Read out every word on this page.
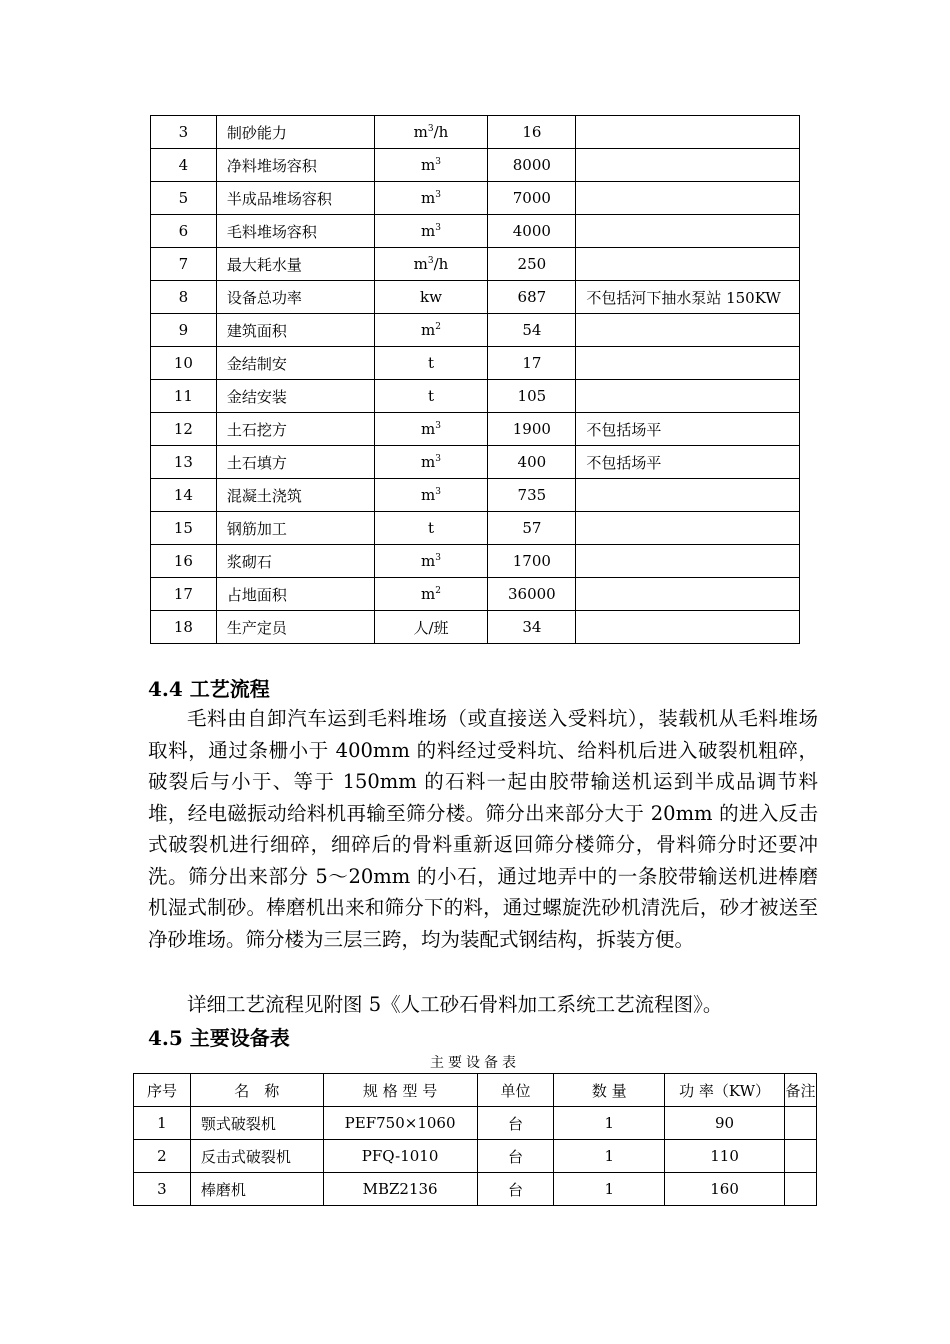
3	制砂能力	$m^3/h$	16	
4	净料堆场容积	$m^3$	8000	
5	半成品堆场容积	$m^3$	7000	
6	毛料堆场容积	$m^3$	4000	
7	最大耗水量	$m^3/h$	250	
8	设备总功率	kw	687	不包括河下抽水泵站 150KW
9	建筑面积	$m^2$	54	
10	金结制安	t	17	
11	金结安装	t	105	
12	土石挖方	$m^3$	1900	不包括场平
13	土石填方	$m^3$	400	不包括场平
14	混凝土浇筑	$m^3$	735	
15	钢筋加工	t	57	
16	浆砌石	$m^3$	1700	
17	占地面积	$m^2$	36000	
18	生产定员	人/班	34	
4.4 工艺流程

毛料由自卸汽车运到毛料堆场（或直接送入受料坑），装载机从毛料堆场取料，通过条栅小于 400mm 的料经过受料坑、给料机后进入破裂机粗碎，破裂后与小于、等于 150mm 的石料一起由胶带输送机运到半成品调节料堆，经电磁振动给料机再输至筛分楼。筛分出来部分大于 20mm 的进入反击式破裂机进行细碎，细碎后的骨料重新返回筛分楼筛分，骨料筛分时还要冲洗。筛分出来部分 5～20mm 的小石，通过地弄中的一条胶带输送机进棒磨机湿式制砂。棒磨机出来和筛分下的料，通过螺旋洗砂机清洗后，砂才被送至净砂堆场。筛分楼为三层三跨，均为装配式钢结构，拆装方便。

详细工艺流程见附图 5《人工砂石骨料加工系统工艺流程图》。

4.5 主要设备表
主要设备表
序号	名　称	规 格 型 号	单位	数 量	功 率（KW）	备注
1	颚式破裂机	PEF750×1060	台	1	90	
2	反击式破裂机	PFQ-1010	台	1	110	
3	棒磨机	MBZ2136	台	1	160	
